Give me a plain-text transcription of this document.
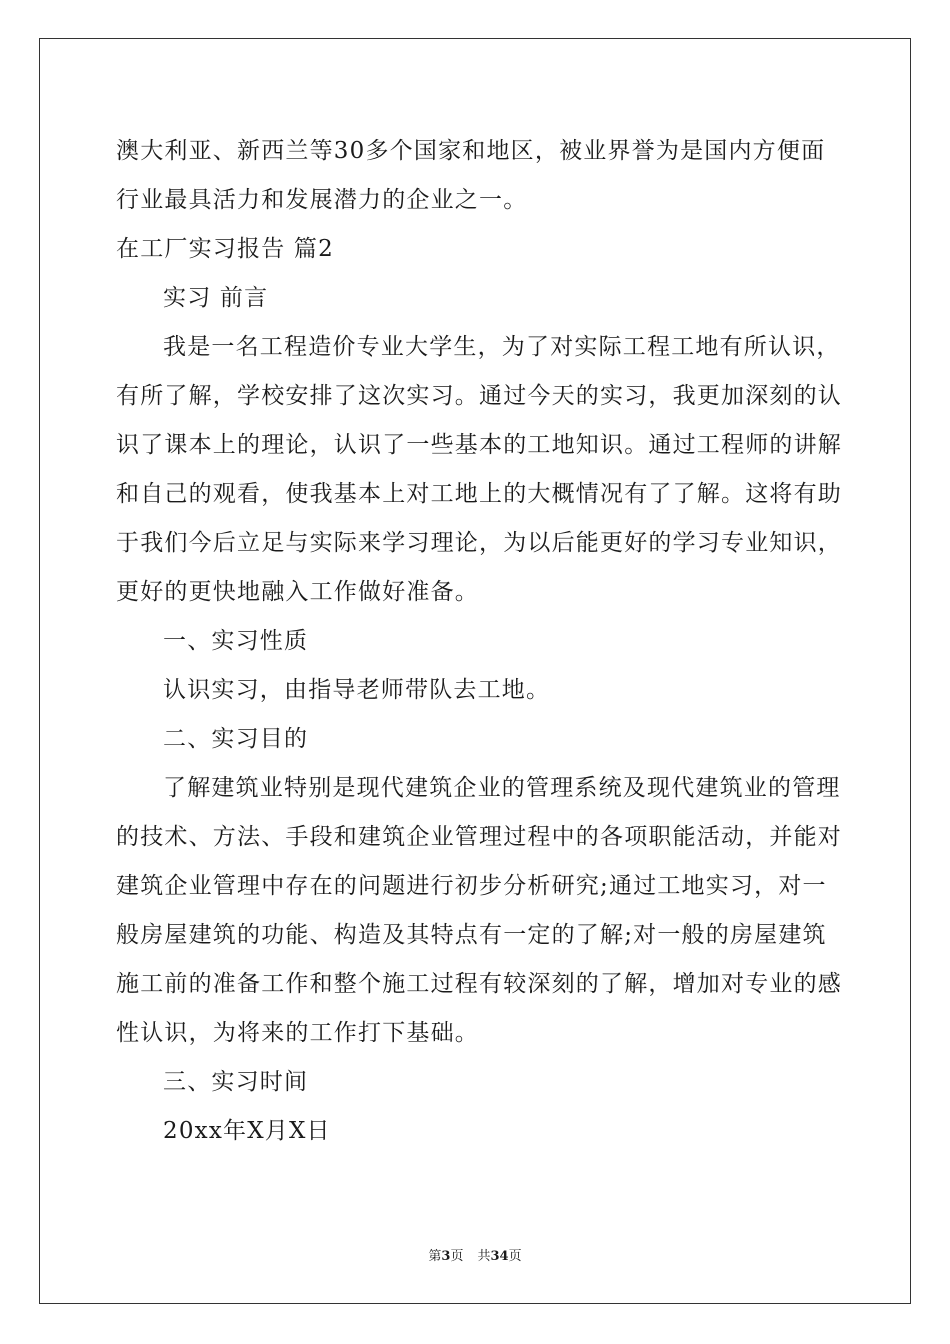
澳大利亚、新西兰等30多个国家和地区，被业界誉为是国内方便面
行业最具活力和发展潜力的企业之一。
在工厂实习报告 篇2
实习 前言
我是一名工程造价专业大学生，为了对实际工程工地有所认识，
有所了解，学校安排了这次实习。通过今天的实习，我更加深刻的认
识了课本上的理论，认识了一些基本的工地知识。通过工程师的讲解
和自己的观看，使我基本上对工地上的大概情况有了了解。这将有助
于我们今后立足与实际来学习理论，为以后能更好的学习专业知识，
更好的更快地融入工作做好准备。
一、实习性质
认识实习，由指导老师带队去工地。
二、实习目的
了解建筑业特别是现代建筑企业的管理系统及现代建筑业的管理
的技术、方法、手段和建筑企业管理过程中的各项职能活动，并能对
建筑企业管理中存在的问题进行初步分析研究;通过工地实习，对一
般房屋建筑的功能、构造及其特点有一定的了解;对一般的房屋建筑
施工前的准备工作和整个施工过程有较深刻的了解，增加对专业的感
性认识，为将来的工作打下基础。
三、实习时间
20xx年X月X日
第3页 共34页
